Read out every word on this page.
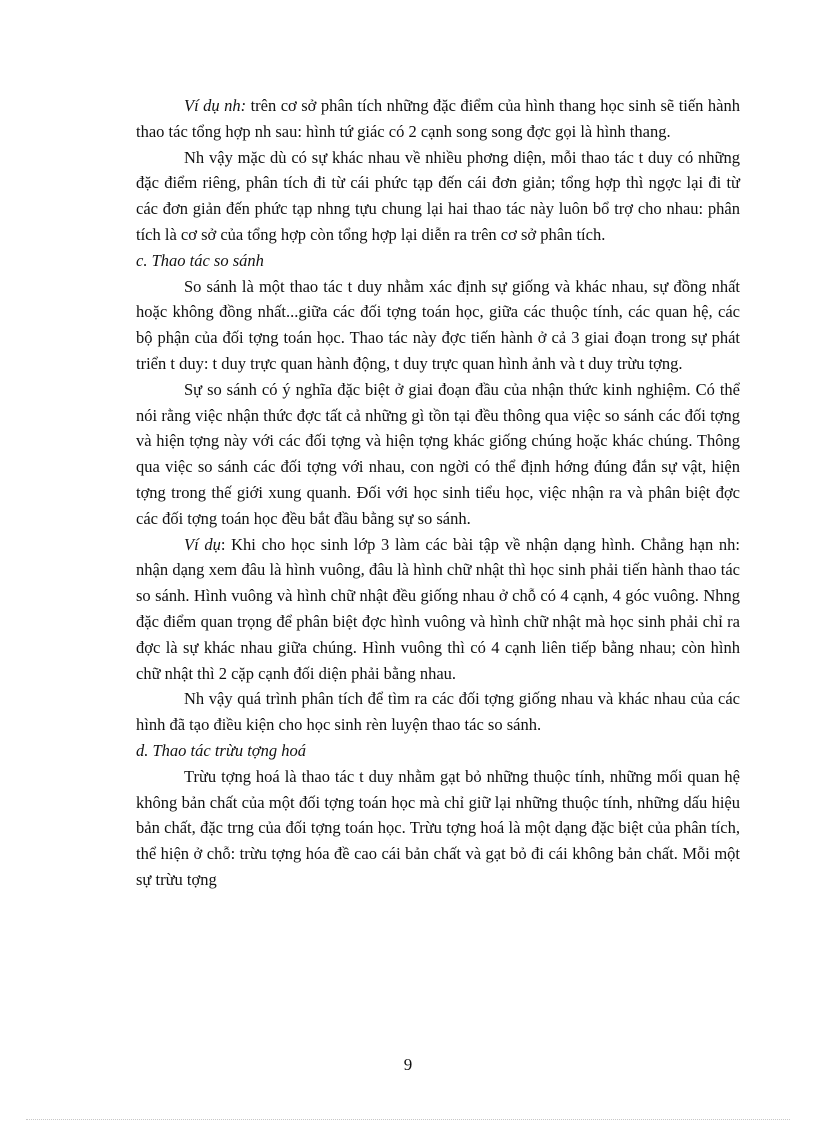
Ví dụ nh: trên cơ sở phân tích những đặc điểm của hình thang học sinh sẽ tiến hành thao tác tổng hợp nh sau: hình tứ giác có 2 cạnh song song đợc gọi là hình thang.

Nh vậy mặc dù có sự khác nhau về nhiều phơng diện, mỗi thao tác t duy có những đặc điểm riêng, phân tích đi từ cái phức tạp đến cái đơn giản; tổng hợp thì ngợc lại đi từ các đơn giản đến phức tạp nhng tựu chung lại hai thao tác này luôn bổ trợ cho nhau: phân tích là cơ sở của tổng hợp còn tổng hợp lại diễn ra trên cơ sở phân tích.

c. Thao tác so sánh

So sánh là một thao tác t duy nhằm xác định sự giống và khác nhau, sự đồng nhất hoặc không đồng nhất...giữa các đối tợng toán học, giữa các thuộc tính, các quan hệ, các bộ phận của đối tợng toán học. Thao tác này đợc tiến hành ở cả 3 giai đoạn trong sự phát triển t duy: t duy trực quan hành động, t duy trực quan hình ảnh và t duy trừu tợng.

Sự so sánh có ý nghĩa đặc biệt ở giai đoạn đầu của nhận thức kinh nghiệm. Có thể nói rằng việc nhận thức đợc tất cả những gì tồn tại đều thông qua việc so sánh các đối tợng và hiện tợng này với các đối tợng và hiện tợng khác giống chúng hoặc khác chúng. Thông qua việc so sánh các đối tợng với nhau, con ngời có thể định hớng đúng đắn sự vật, hiện tợng trong thế giới xung quanh. Đối với học sinh tiểu học, việc nhận ra và phân biệt đợc các đối tợng toán học đều bắt đầu bằng sự so sánh.

Ví dụ: Khi cho học sinh lớp 3 làm các bài tập về nhận dạng hình. Chẳng hạn nh: nhận dạng xem đâu là hình vuông, đâu là hình chữ nhật thì học sinh phải tiến hành thao tác so sánh. Hình vuông và hình chữ nhật đều giống nhau ở chỗ có 4 cạnh, 4 góc vuông. Nhng đặc điểm quan trọng để phân biệt đợc hình vuông và hình chữ nhật mà học sinh phải chỉ ra đợc là sự khác nhau giữa chúng. Hình vuông thì có 4 cạnh liên tiếp bằng nhau; còn hình chữ nhật thì 2 cặp cạnh đối diện phải bằng nhau.

Nh vậy quá trình phân tích để tìm ra các đối tợng giống nhau và khác nhau của các hình đã tạo điều kiện cho học sinh rèn luyện thao tác so sánh.

d. Thao tác trừu tợng hoá

Trừu tợng hoá là thao tác t duy nhằm gạt bỏ những thuộc tính, những mối quan hệ không bản chất của một đối tợng toán học mà chỉ giữ lại những thuộc tính, những dấu hiệu bản chất, đặc trng của đối tợng toán học. Trừu tợng hoá là một dạng đặc biệt của phân tích, thể hiện ở chỗ: trừu tợng hóa đề cao cái bản chất và gạt bỏ đi cái không bản chất. Mỗi một sự trừu tợng

9
